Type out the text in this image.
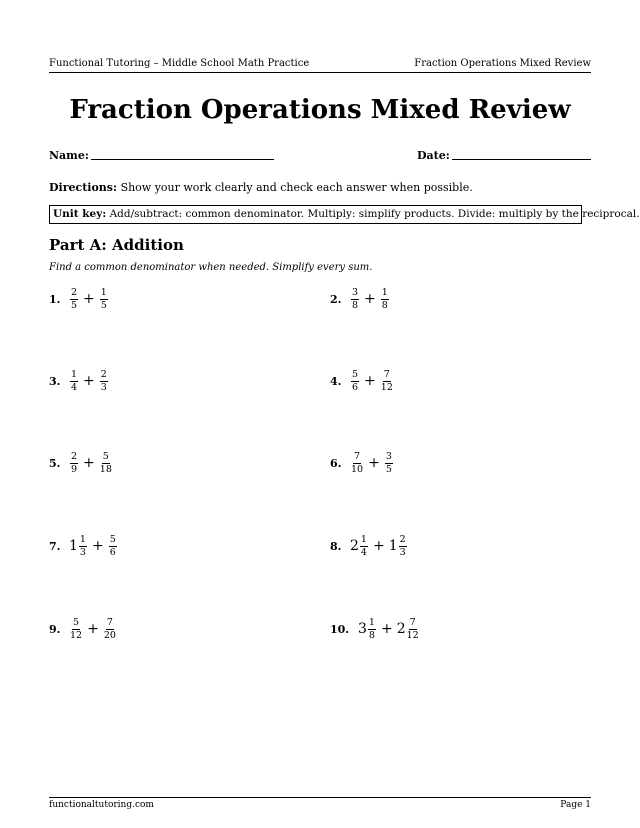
Functional Tutoring – Middle School Math Practice	Fraction Operations Mixed Review
Fraction Operations Mixed Review
Name:	Date:
Directions: Show your work clearly and check each answer when possible.
Unit key: Add/subtract: common denominator. Multiply: simplify products. Divide: multiply by the reciprocal.
Part A: Addition
Find a common denominator when needed. Simplify every sum.
1.	$\frac{2}{5} + \frac{1}{5}$	2.	$\frac{3}{8} + \frac{1}{8}$
3.	$\frac{1}{4} + \frac{2}{3}$	4.	$\frac{5}{6} + \frac{7}{12}$
5.	$\frac{2}{9} + \frac{5}{18}$	6.	$\frac{7}{10} + \frac{3}{5}$
7. $1 \frac{1}{3} + \frac{5}{6}$	8. $2 \frac{1}{4} + 1 \frac{2}{3}$
9.	$\frac{5}{12} + \frac{7}{20}$	10. $3 \frac{1}{8} + 2 \frac{7}{12}$
functionaltutoring.com	Page 1
